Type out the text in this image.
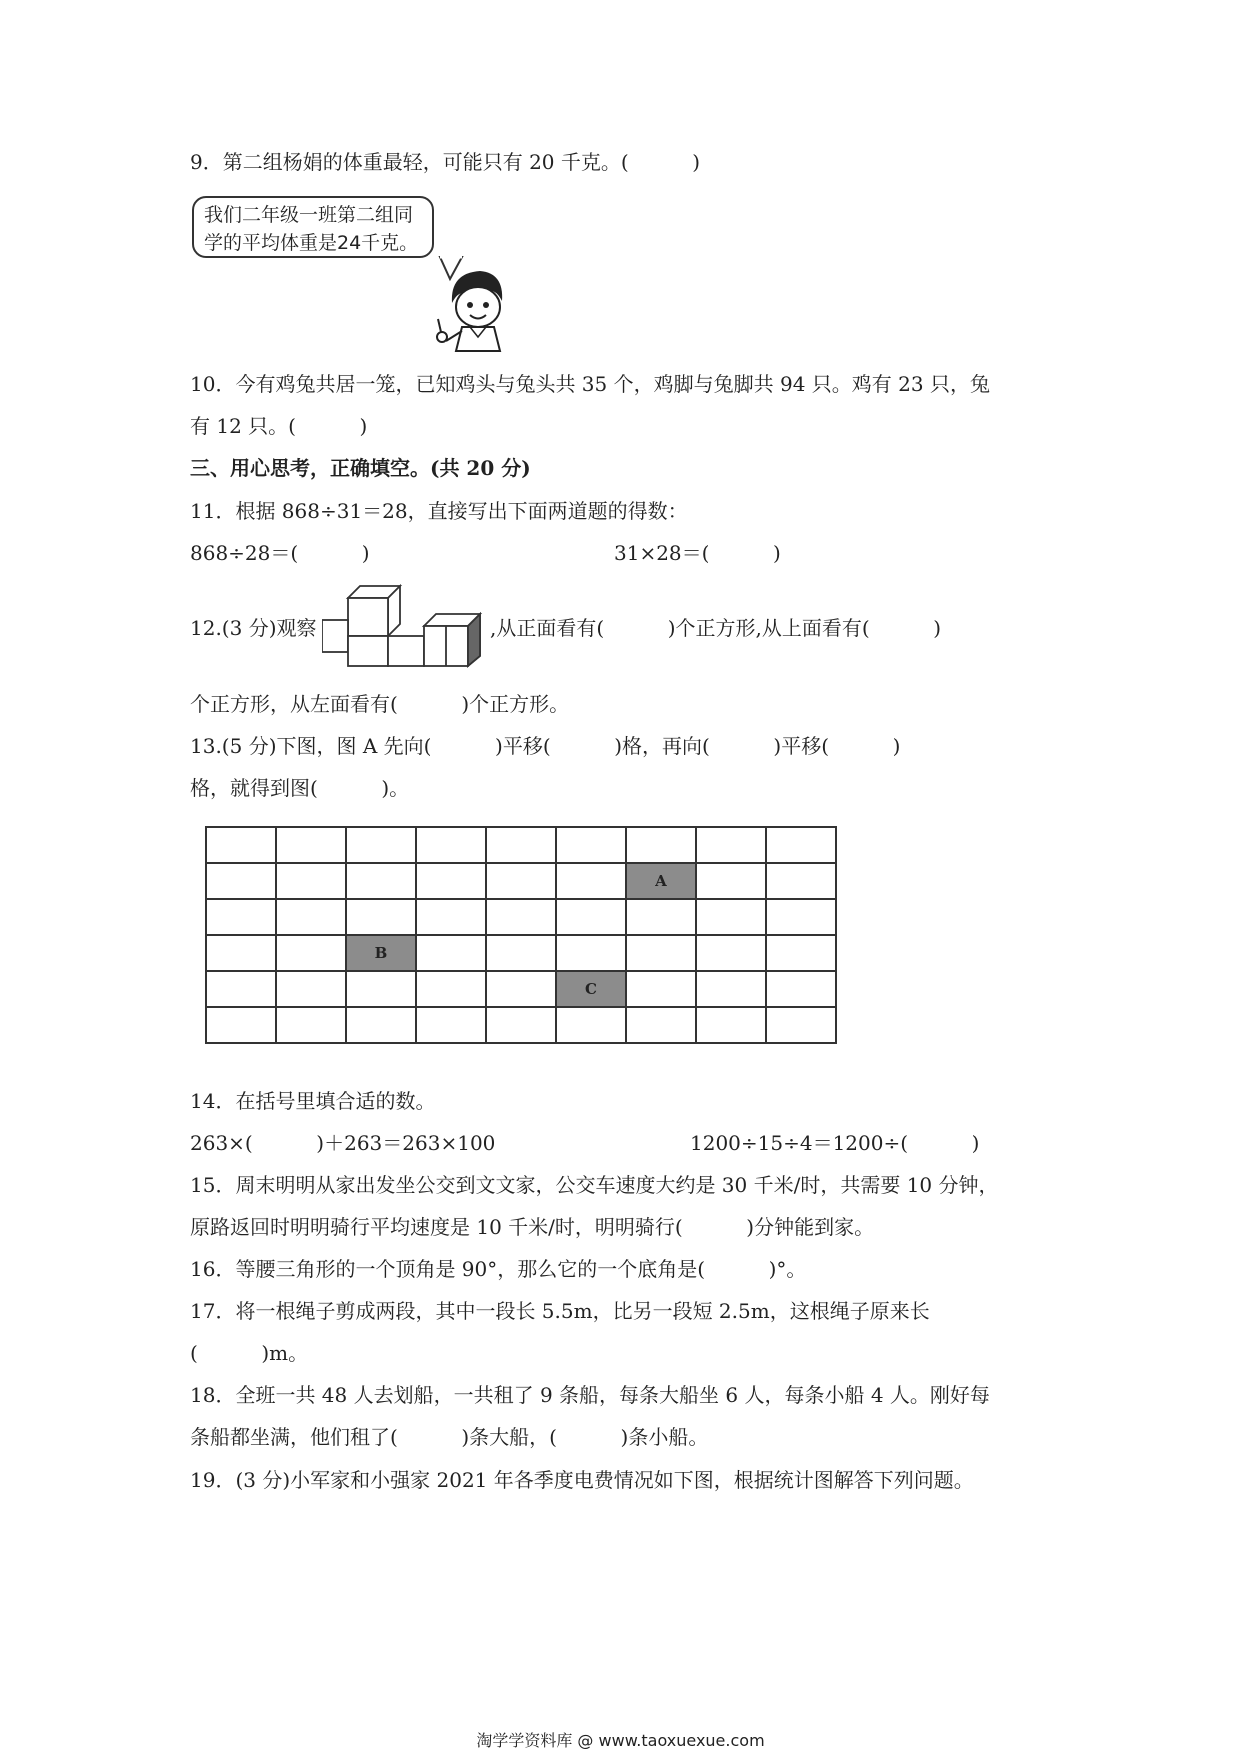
9．第二组杨娟的体重最轻，可能只有 20 千克。(          )
我们二年级一班第二组同
学的平均体重是24千克。
10．今有鸡兔共居一笼，已知鸡头与兔头共 35 个，鸡脚与兔脚共 94 只。鸡有 23 只，兔
有 12 只。(          )
三、用心思考，正确填空。(共 20 分)
11．根据 868÷31＝28，直接写出下面两道题的得数：
868÷28＝(          )	31×28＝(          )
12.(3 分)观察	,从正面看有(          )个正方形,从上面看有(          )
个正方形，从左面看有(          )个正方形。
13.(5 分)下图，图 A 先向(          )平移(          )格，再向(          )平移(          )
格，就得到图(          )。

						A		

		B						
					C			

14．在括号里填合适的数。
263×(          )＋263＝263×100	1200÷15÷4＝1200÷(          )
15．周末明明从家出发坐公交到文文家，公交车速度大约是 30 千米/时，共需要 10 分钟，
原路返回时明明骑行平均速度是 10 千米/时，明明骑行(          )分钟能到家。
16．等腰三角形的一个顶角是 90°，那么它的一个底角是(          )°。
17．将一根绳子剪成两段，其中一段长 5.5m，比另一段短 2.5m，这根绳子原来长
(          )m。
18．全班一共 48 人去划船，一共租了 9 条船，每条大船坐 6 人，每条小船 4 人。刚好每
条船都坐满，他们租了(          )条大船，(          )条小船。
19．(3 分)小军家和小强家 2021 年各季度电费情况如下图，根据统计图解答下列问题。
淘学学资料库 @ www.taoxuexue.com
